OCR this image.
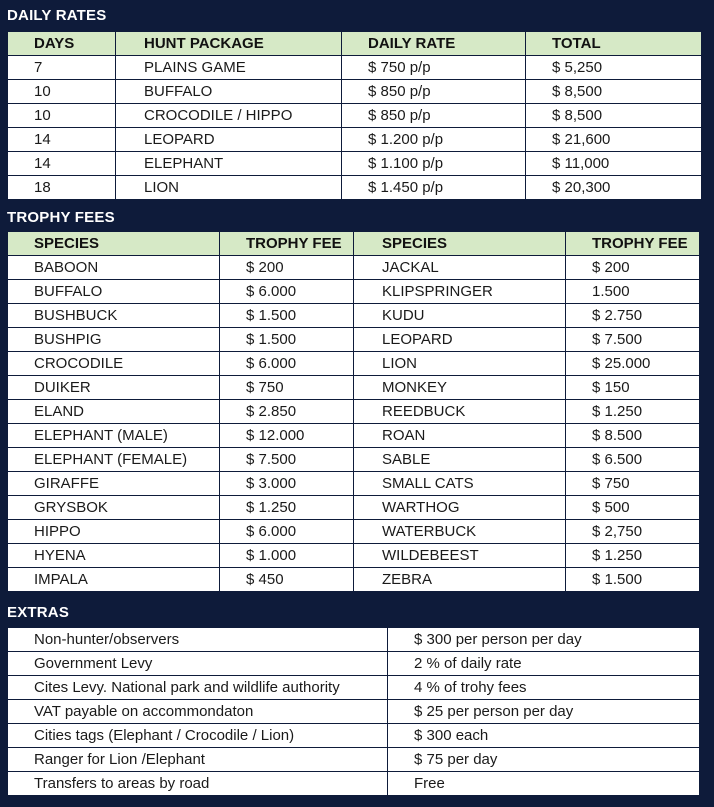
DAILY RATES
DAYS	HUNT PACKAGE	DAILY RATE	TOTAL

7	PLAINS GAME	$ 750 p/p	$ 5,250

10	BUFFALO	$ 850 p/p	$ 8,500

10	CROCODILE / HIPPO	$ 850 p/p	$ 8,500

14	LEOPARD	$ 1.200 p/p	$ 21,600

14	ELEPHANT	$ 1.100 p/p	$ 11,000

18	LION	$ 1.450 p/p	$ 20,300
TROPHY FEES
SPECIES	TROPHY FEE	SPECIES	TROPHY FEE

BABOON	$ 200	JACKAL	$ 200

BUFFALO	$ 6.000	KLIPSPRINGER	1.500

BUSHBUCK	$ 1.500	KUDU	$ 2.750

BUSHPIG	$ 1.500	LEOPARD	$ 7.500

CROCODILE	$ 6.000	LION	$ 25.000

DUIKER	$ 750	MONKEY	$ 150

ELAND	$ 2.850	REEDBUCK	$ 1.250

ELEPHANT (MALE)	$ 12.000	ROAN	$ 8.500

ELEPHANT (FEMALE)	$ 7.500	SABLE	$ 6.500

GIRAFFE	$ 3.000	SMALL CATS	$ 750

GRYSBOK	$ 1.250	WARTHOG	$ 500

HIPPO	$ 6.000	WATERBUCK	$ 2,750

HYENA	$ 1.000	WILDEBEEST	$ 1.250

IMPALA	$ 450	ZEBRA	$ 1.500
EXTRAS
Non-hunter/observers	$ 300 per person per day

Government Levy	2 % of daily rate

Cites Levy. National park and wildlife authority	4 % of trohy fees

VAT payable on accommondaton	$ 25 per person per day

Cities tags (Elephant / Crocodile / Lion)	$ 300 each

Ranger for Lion /Elephant	$ 75 per day

Transfers to areas by road	Free
